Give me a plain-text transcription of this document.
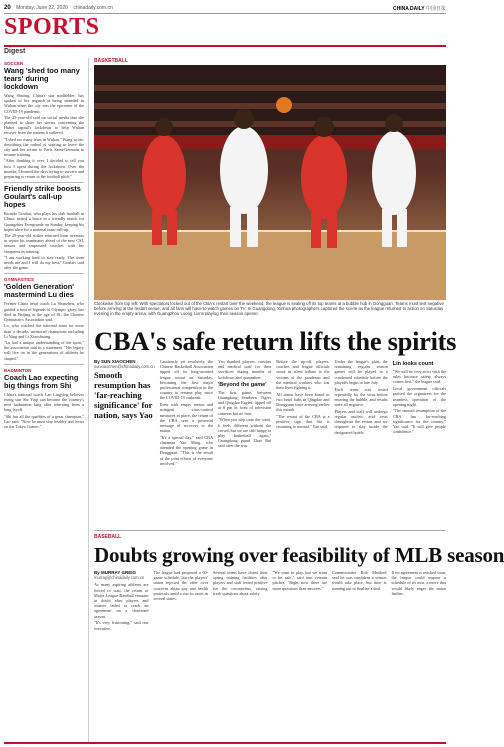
20 Monday, June 22, 2020 chinadaily.com.cn	CHINA DAILY 中国日报
SPORTS
Digest
SOCCER
Wang 'shed too many tears' during lockdown

Wang Shuang, China's star midfielder, has spoken of her anguish at being stranded in Wuhan when the city was the epicenter of the COVID-19 pandemic.

The 25-year-old said on social media that she planned to share her stories concerning the Hubei capital's lockdown to help Wuhan recover from the trauma it suffered.

"I shed too many tears in Wuhan," Wang wrote, describing the ordeal of waiting to leave the city and her return to Paris Saint-Germain to resume training.

"After thinking it over, I decided to tell you how I spent during the lockdown. Over the months, I learned the days trying to survive and preparing to return to the football pitch."

Friendly strike boosts Goulart's call-up hopes

Ricardo Goulart, who plays his club football in China, netted a brace in a friendly match for Guangzhou Evergrande on Sunday, keeping his hopes alive for a national team call-up.

The 29-year-old striker returned from overseas to rejoin his teammates ahead of the new CSL season and impressed coaches with his sharpness in training.

"I am working hard to stay ready. The team needs me and I will do my best," Goulart said after the game.

GYMNASTICS
'Golden Generation' mastermind Lu dies

Former China head coach Lu Shanzhen, who guided a host of legends to Olympic glory, has died in Beijing at the age of 81, the Chinese Gymnastics Association said.

Lu, who coached the national team for more than a decade, mentored champions including Li Ning and Li Xiaoshuang.

"Lu had a unique understanding of the sport," the association said in a statement. "His legacy will live on in the generations of athletes he shaped."

BADMINTON
Coach Lao expecting big things from Shi

China's national coach Lao Lingying believes rising star Shi Yuqi can become the country's next badminton king after returning from a long layoff.

"Shi has all the qualities of a great champion," Lao said. "Now he must stay healthy and focus on the Tokyo Games."

BASKETBALL
Clockwise from top left: With spectators locked out of the CBA's restart over the weekend, the league is sealing off its top teams at a bubble hub in Dongguan. Teams must test negative before arriving at the restart venue, and all fans will have to watch games on TV. In Guangdong, Xinhua photographers captured the scene as the league returned to action on Saturday evening in the empty arena, with Guangzhou Loong Lions playing their season opener.
CBA's safe return lifts the spirits

By SUN XIAOCHEN

sunxiaochen@chinadaily.com.cn

Smooth resumption has 'far-reaching significance' for nation, says Yao

Cautiously yet resolutely, the Chinese Basketball Association tipped off its long-awaited league restart on Saturday, becoming the first major professional competition in the country to resume play since the COVID-19 outbreak.

Even with empty arenas and stringent virus-control measures in place, the return of the CBA sent a powerful message of recovery to the nation.

"It's a special day," said CBA chairman Yao Ming, who attended the opening game in Dongguan. "This is the result of the joint efforts of everyone involved."

Yao thanked players, coaches and medical staff for their sacrifices during months of lockdown and quarantine.

'Beyond the game'

The first game, between Guangdong Southern Tigers and Qingdao Eagles, tipped off at 8 pm in front of television cameras but no fans.

"When you step onto the court, it feels different without the crowd, but we are still happy to play basketball again," Guangdong guard Zhao Rui said after the win.

Before the tip-off, players, coaches and league officials stood in silent tribute to the victims of the pandemic and the medical workers who lost their lives fighting it.

All teams have been based in two hotel hubs in Qingdao and Dongguan since arriving earlier this month.

"The restart of the CBA is a positive sign that life is returning to normal," Yao said.

Under the league's plan, the remaining regular season games will be played in a condensed schedule before the playoffs begin in late July.

Each team was tested repeatedly for the virus before entering the bubble, and results were all negative.

Players and staff will undergo regular nucleic acid tests throughout the restart and are required to stay inside the designated hotels.

Lin looks count

"We will be very strict with the rules because safety always comes first," the league said.

Local government officials praised the organizers for the seamless operation of the opening night.

"The smooth resumption of the CBA has far-reaching significance for the country," Yao said. "It will give people confidence."

BASEBALL
Doubts growing over feasibility of MLB season

By MURRAY GREIG

murray@chinadaily.com.cn

As many aspiring athletes are forced to wait, the return of Major League Baseball remains in doubt after players and owners failed to reach an agreement on a shortened season.

"It's very frustrating," said one executive.

The league had proposed a 60-game schedule, but the players' union rejected the offer over concerns about pay and health protocols amid a rise in cases in several states.

Several teams have closed their spring training facilities after players and staff tested positive for the coronavirus, raising fresh questions about safety.

"We want to play, but we want to be safe," said one veteran pitcher. "Right now there are more questions than answers."

Commissioner Rob Manfred said he was confident a season would take place, but time is running out to finalize a deal.

If no agreement is reached soon, the league could impose a schedule of its own, a move that would likely anger the union further.
